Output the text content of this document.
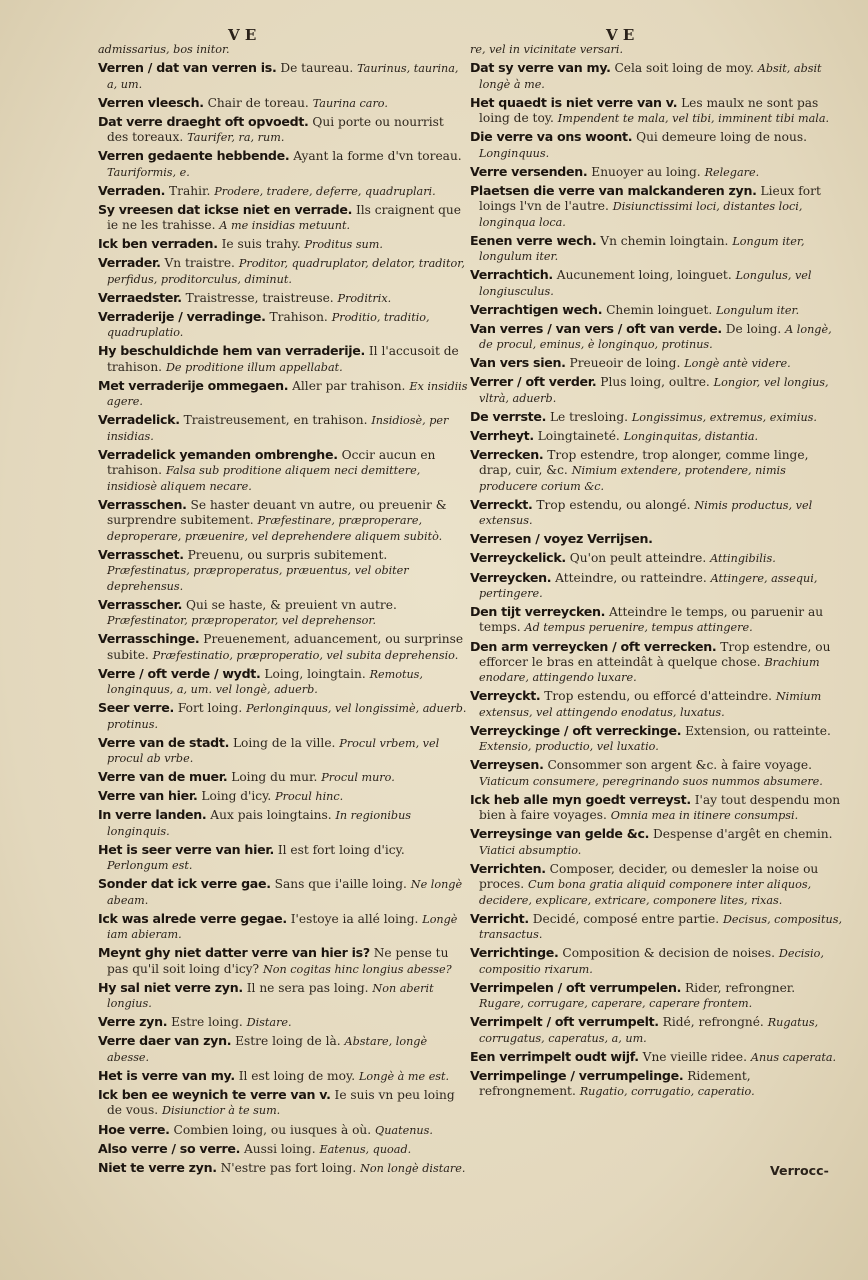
V E	V E
admissarius, bos initor.
Verren / dat van verren is. De taureau. Taurinus, taurina, a, um.
Verren vleesch. Chair de toreau. Taurina caro.
Dat verre draeght oft opvoedt. Qui porte ou nourrist des toreaux. Taurifer, ra, rum.
Verren gedaente hebbende. Ayant la forme d'vn toreau. Tauriformis, e.
Verraden. Trahir. Prodere, tradere, deferre, quadruplari.
Sy vreesen dat ickse niet en verrade. Ils craignent que ie ne les trahisse. A me insidias metuunt.
Ick ben verraden. Ie suis trahy. Proditus sum.
Verrader. Vn traistre. Proditor, quadruplator, delator, traditor, perfidus, proditorculus, diminut.
Verraedster. Traistresse, traistreuse. Proditrix.
Verraderije / verradinge. Trahison. Proditio, traditio, quadruplatio.
Hy beschuldichde hem van verraderije. Il l'accusoit de trahison. De proditione illum appellabat.
Met verraderije ommegaen. Aller par trahison. Ex insidiis agere.
Verradelick. Traistreusement, en trahison. Insidiosè, per insidias.
Verradelick yemanden ombrenghe. Occir aucun en trahison. Falsa sub proditione aliquem neci demittere, insidiosè aliquem necare.
Verrasschen. Se haster deuant vn autre, ou preuenir & surprendre subitement. Præfestinare, præproperare, deproperare, præuenire, vel deprehendere aliquem subitò.
Verrasschet. Preuenu, ou surpris subitement. Præfestinatus, præproperatus, præuentus, vel obiter deprehensus.
Verrasscher. Qui se haste, & preuient vn autre. Præfestinator, præproperator, vel deprehensor.
Verrasschinge. Preuenement, aduancement, ou surprinse subite. Præfestinatio, præproperatio, vel subita deprehensio.
Verre / oft verde / wydt. Loing, loingtain. Remotus, longinquus, a, um. vel longè, aduerb.
Seer verre. Fort loing. Perlonginquus, vel longissimè, aduerb. protinus.
Verre van de stadt. Loing de la ville. Procul vrbem, vel procul ab vrbe.
Verre van de muer. Loing du mur. Procul muro.
Verre van hier. Loing d'icy. Procul hinc.
In verre landen. Aux pais loingtains. In regionibus longinquis.
Het is seer verre van hier. Il est fort loing d'icy. Perlongum est.
Sonder dat ick verre gae. Sans que i'aille loing. Ne longè abeam.
Ick was alrede verre gegae. I'estoye ia allé loing. Longè iam abieram.
Meynt ghy niet datter verre van hier is? Ne pense tu pas qu'il soit loing d'icy? Non cogitas hinc longius abesse?
Hy sal niet verre zyn. Il ne sera pas loing. Non aberit longius.
Verre zyn. Estre loing. Distare.
Verre daer van zyn. Estre loing de là. Abstare, longè abesse.
Het is verre van my. Il est loing de moy. Longè à me est.
Ick ben ee weynich te verre van v. Ie suis vn peu loing de vous. Disiunctior à te sum.
Hoe verre. Combien loing, ou iusques à où. Quatenus.
Also verre / so verre. Aussi loing. Eatenus, quoad.
Niet te verre zyn. N'estre pas fort loing. Non longè distare.
re, vel in vicinitate versari.
Dat sy verre van my. Cela soit loing de moy. Absit, absit longè à me.
Het quaedt is niet verre van v. Les maulx ne sont pas loing de toy. Impendent te mala, vel tibi, imminent tibi mala.
Die verre va ons woont. Qui demeure loing de nous. Longinquus.
Verre versenden. Enuoyer au loing. Relegare.
Plaetsen die verre van malckanderen zyn. Lieux fort loings l'vn de l'autre. Disiunctissimi loci, distantes loci, longinqua loca.
Eenen verre wech. Vn chemin loingtain. Longum iter, longulum iter.
Verrachtich. Aucunement loing, loinguet. Longulus, vel longiusculus.
Verrachtigen wech. Chemin loinguet. Longulum iter.
Van verres / van vers / oft van verde. De loing. A longè, de procul, eminus, è longinquo, protinus.
Van vers sien. Preueoir de loing. Longè antè videre.
Verrer / oft verder. Plus loing, oultre. Longior, vel longius, vltrà, aduerb.
De verrste. Le tresloing. Longissimus, extremus, eximius.
Verrheyt. Loingtaineté. Longinquitas, distantia.
Verrecken. Trop estendre, trop alonger, comme linge, drap, cuir, &c. Nimium extendere, protendere, nimis producere corium &c.
Verreckt. Trop estendu, ou alongé. Nimis productus, vel extensus.
Verresen / voyez Verrijsen.
Verreyckelick. Qu'on peult atteindre. Attingibilis.
Verreycken. Atteindre, ou ratteindre. Attingere, assequi, pertingere.
Den tijt verreycken. Atteindre le temps, ou paruenir au temps. Ad tempus peruenire, tempus attingere.
Den arm verreycken / oft verrecken. Trop estendre, ou efforcer le bras en atteindât à quelque chose. Brachium enodare, attingendo luxare.
Verreyckt. Trop estendu, ou efforcé d'atteindre. Nimium extensus, vel attingendo enodatus, luxatus.
Verreyckinge / oft verreckinge. Extension, ou ratteinte. Extensio, productio, vel luxatio.
Verreysen. Consommer son argent &c. à faire voyage. Viaticum consumere, peregrinando suos nummos absumere.
Ick heb alle myn goedt verreyst. I'ay tout despendu mon bien à faire voyages. Omnia mea in itinere consumpsi.
Verreysinge van gelde &c. Despense d'argêt en chemin. Viatici absumptio.
Verrichten. Composer, decider, ou demesler la noise ou proces. Cum bona gratia aliquid componere inter aliquos, decidere, explicare, extricare, componere lites, rixas.
Verricht. Decidé, composé entre partie. Decisus, compositus, transactus.
Verrichtinge. Composition & decision de noises. Decisio, compositio rixarum.
Verrimpelen / oft verrumpelen. Rider, refrongner. Rugare, corrugare, caperare, caperare frontem.
Verrimpelt / oft verrumpelt. Ridé, refrongné. Rugatus, corrugatus, caperatus, a, um.
Een verrimpelt oudt wijf. Vne vieille ridee. Anus caperata.
Verrimpelinge / verrumpelinge. Ridement, refrongnement. Rugatio, corrugatio, caperatio.
Verrocc-
